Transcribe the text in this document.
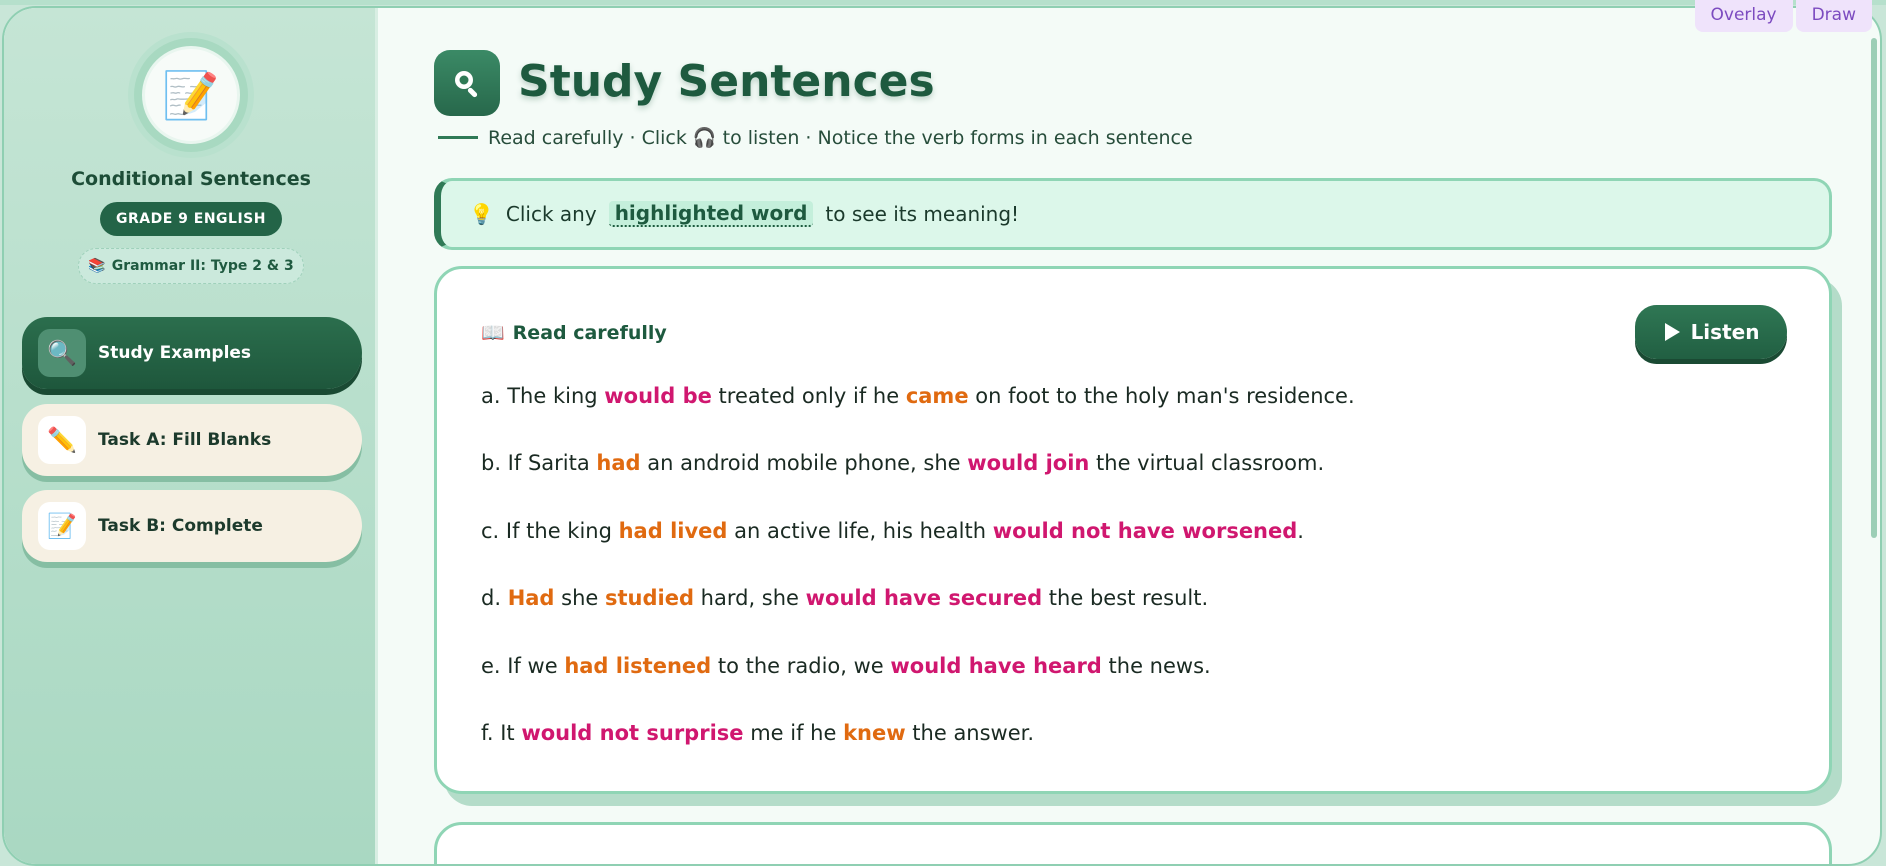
Overlay	Draw
📝
Conditional Sentences
GRADE 9 ENGLISH
📚 Grammar II: Type 2 & 3
🔍	Study Examples
✏️	Task A: Fill Blanks
📝	Task B: Complete
Study Sentences
Read carefully · Click 🎧 to listen · Notice the verb forms in each sentence
💡 Click any highlighted word to see its meaning!
📖 Read carefully	Listen
a. The king would be treated only if he came on foot to the holy man's residence.
b. If Sarita had an android mobile phone, she would join the virtual classroom.
c. If the king had lived an active life, his health would not have worsened.
d. Had she studied hard, she would have secured the best result.
e. If we had listened to the radio, we would have heard the news.
f. It would not surprise me if he knew the answer.
